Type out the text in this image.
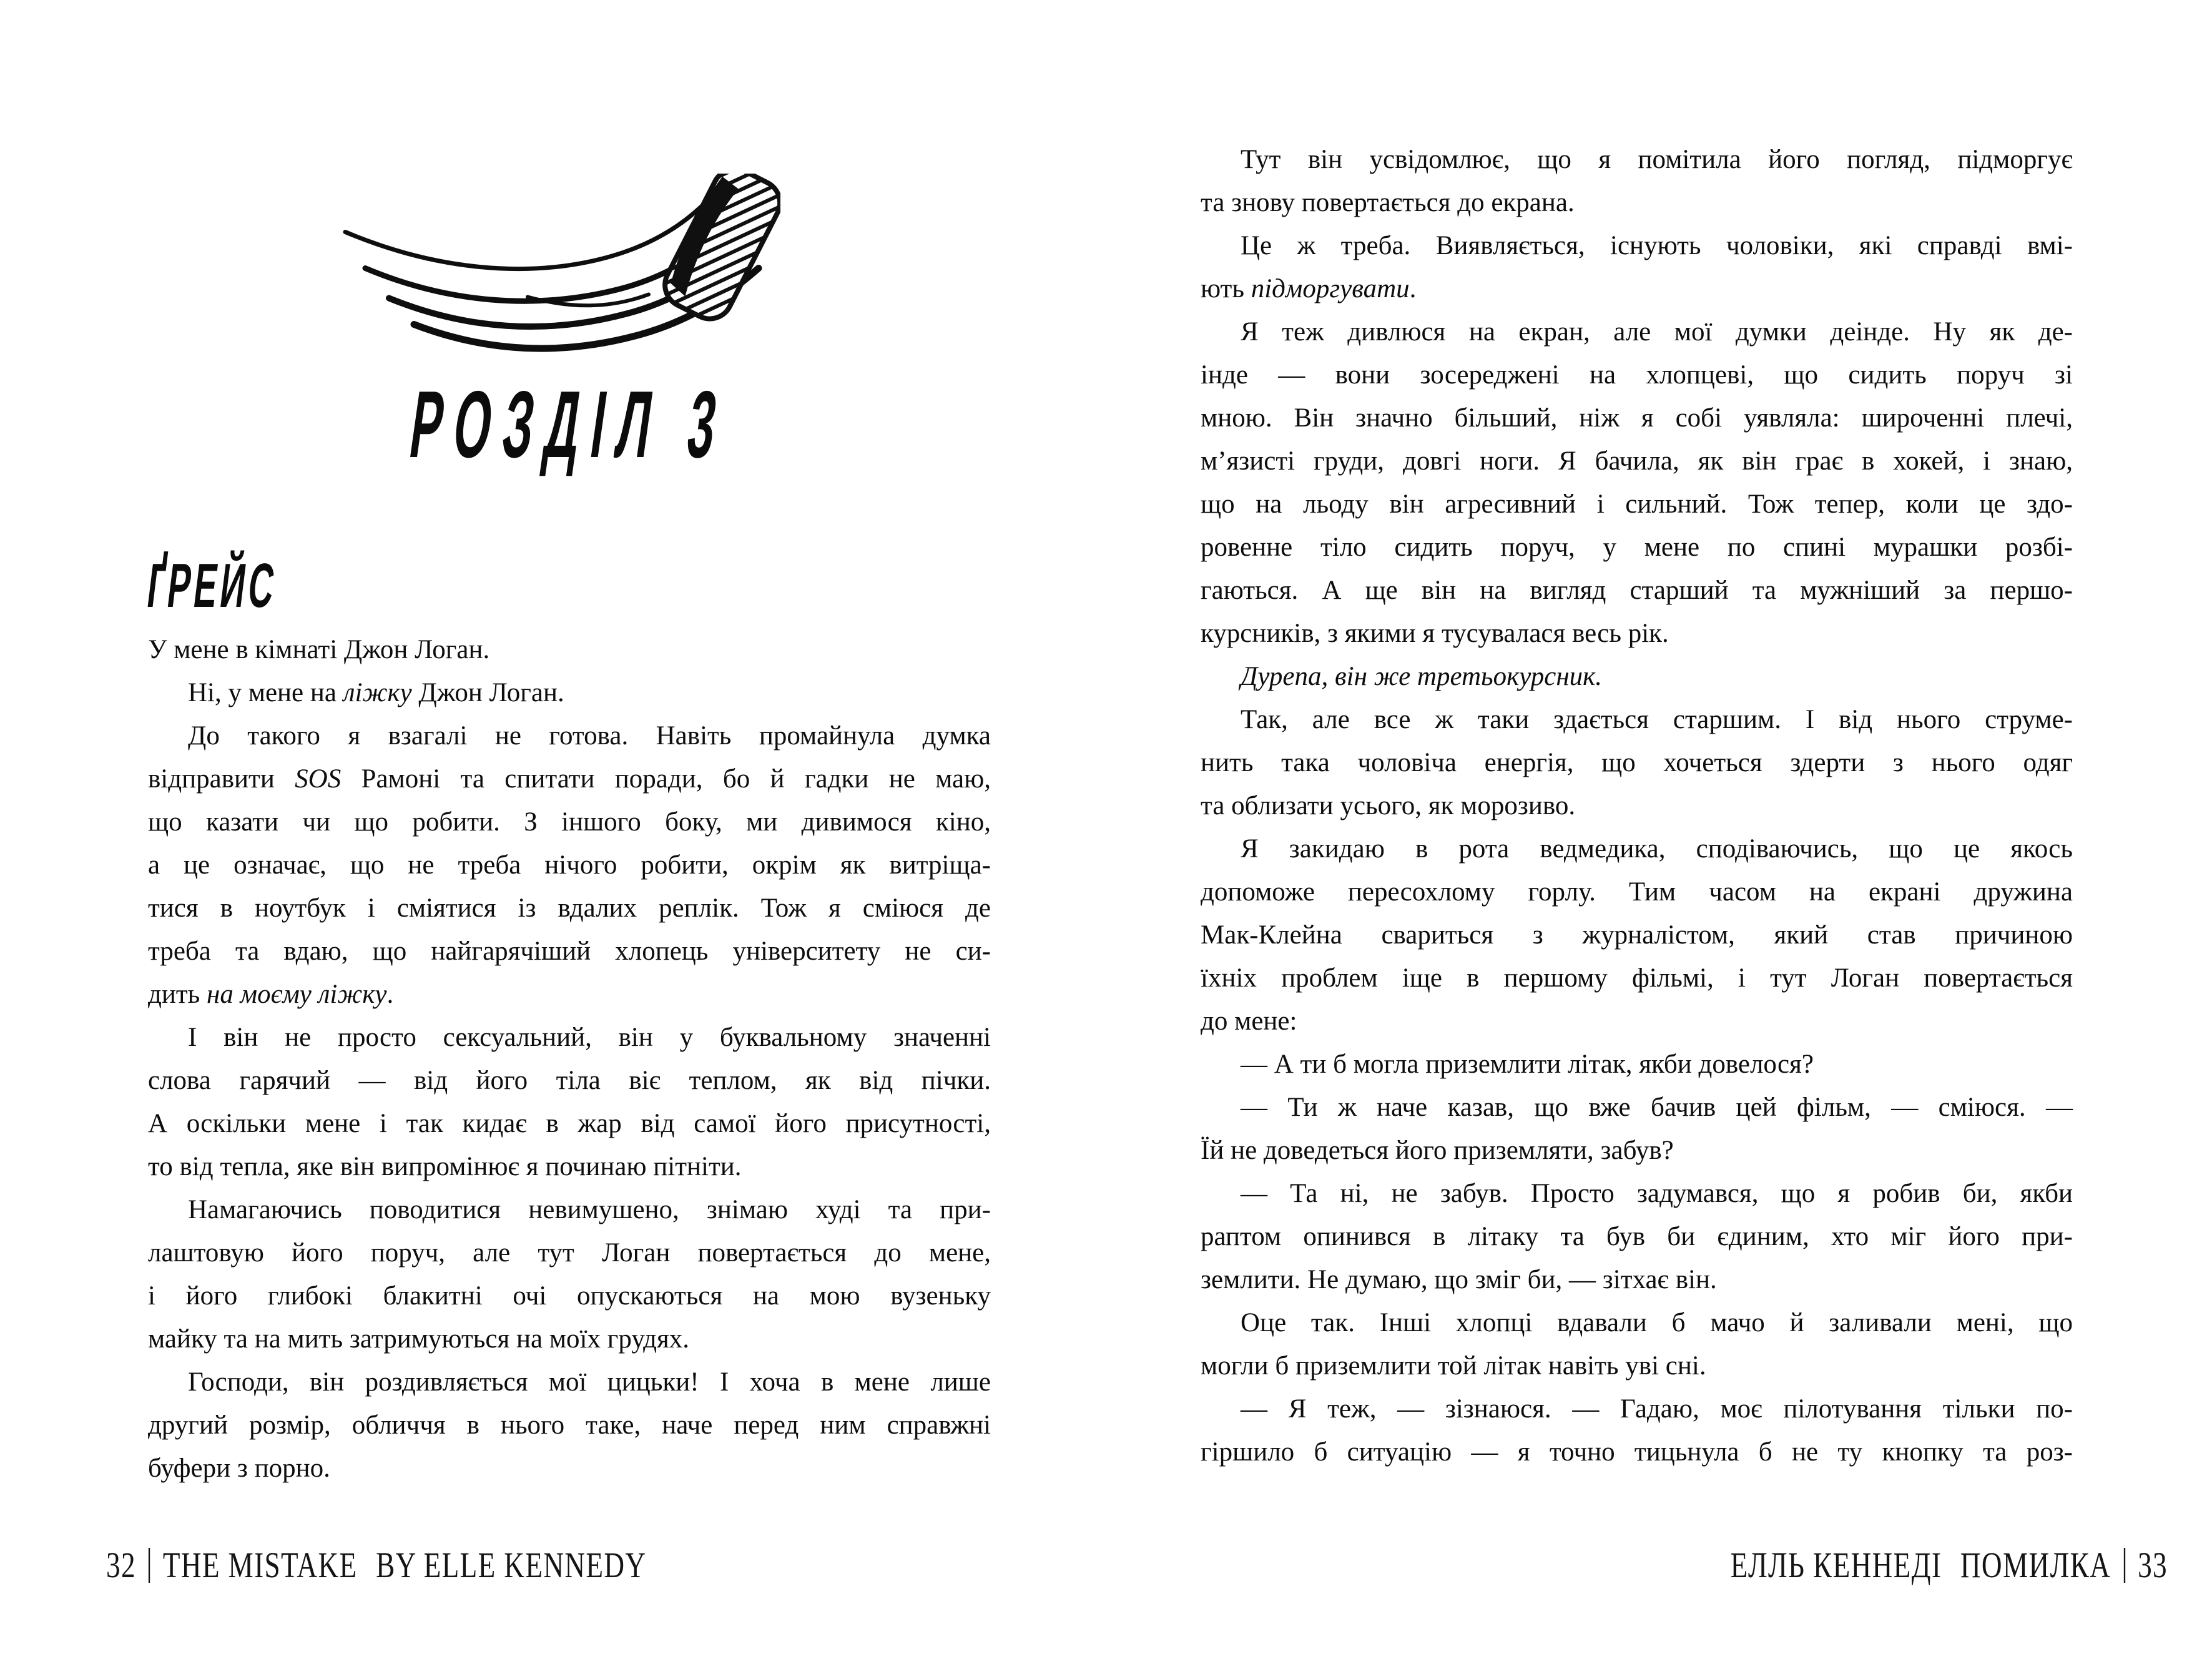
РОЗДІЛ 3
ҐРЕЙС
У мене в кімнаті Джон Логан.
Ні, у мене на ліжку Джон Логан.
До такого я взагалі не готова. Навіть промайнула думка
відправити SOS Рамоні та спитати поради, бо й гадки не маю,
що казати чи що робити. З іншого боку, ми дивимося кіно,
а це означає, що не треба нічого робити, окрім як витріща-
тися в ноутбук і сміятися із вдалих реплік. Тож я сміюся де
треба та вдаю, що найгарячіший хлопець університету не си-
дить на моєму ліжку.
І він не просто сексуальний, він у буквальному значенні
слова гарячий — від його тіла віє теплом, як від пічки.
А оскільки мене і так кидає в жар від самої його присутності,
то від тепла, яке він випромінює я починаю пітніти.
Намагаючись поводитися невимушено, знімаю худі та при-
лаштовую його поруч, але тут Логан повертається до мене,
і його глибокі блакитні очі опускаються на мою вузеньку
майку та на мить затримуються на моїх грудях.
Господи, він роздивляється мої цицьки! І хоча в мене лише
другий розмір, обличчя в нього таке, наче перед ним справжні
буфери з порно.
Тут він усвідомлює, що я помітила його погляд, підморгує
та знову повертається до екрана.
Це ж треба. Виявляється, існують чоловіки, які справді вмі-
ють підморгувати.
Я теж дивлюся на екран, але мої думки деінде. Ну як де-
інде — вони зосереджені на хлопцеві, що сидить поруч зі
мною. Він значно більший, ніж я собі уявляла: широченні плечі,
м’язисті груди, довгі ноги. Я бачила, як він грає в хокей, і знаю,
що на льоду він агресивний і сильний. Тож тепер, коли це здо-
ровенне тіло сидить поруч, у мене по спині мурашки розбі-
гаються. А ще він на вигляд старший та мужніший за першо-
курсників, з якими я тусувалася весь рік.
Дурепа, він же третьокурсник.
Так, але все ж таки здається старшим. І від нього струме-
нить така чоловіча енергія, що хочеться здерти з нього одяг
та облизати усього, як морозиво.
Я закидаю в рота ведмедика, сподіваючись, що це якось
допоможе пересохлому горлу. Тим часом на екрані дружина
Мак-Клейна свариться з журналістом, який став причиною
їхніх проблем іще в першому фільмі, і тут Логан повертається
до мене:
— А ти б могла приземлити літак, якби довелося?
— Ти ж наче казав, що вже бачив цей фільм, — сміюся. —
Їй не доведеться його приземляти, забув?
— Та ні, не забув. Просто задумався, що я робив би, якби
раптом опинився в літаку та був би єдиним, хто міг його при-
землити. Не думаю, що зміг би, — зітхає він.
Оце так. Інші хлопці вдавали б мачо й заливали мені, що
могли б приземлити той літак навіть уві сні.
— Я теж, — зізнаюся. — Гадаю, моє пілотування тільки по-
гіршило б ситуацію — я точно тицьнула б не ту кнопку та роз-
32 THE MISTAKE BY ELLE KENNEDY	ЕЛЛЬ КЕННЕДІ ПОМИЛКА 33
